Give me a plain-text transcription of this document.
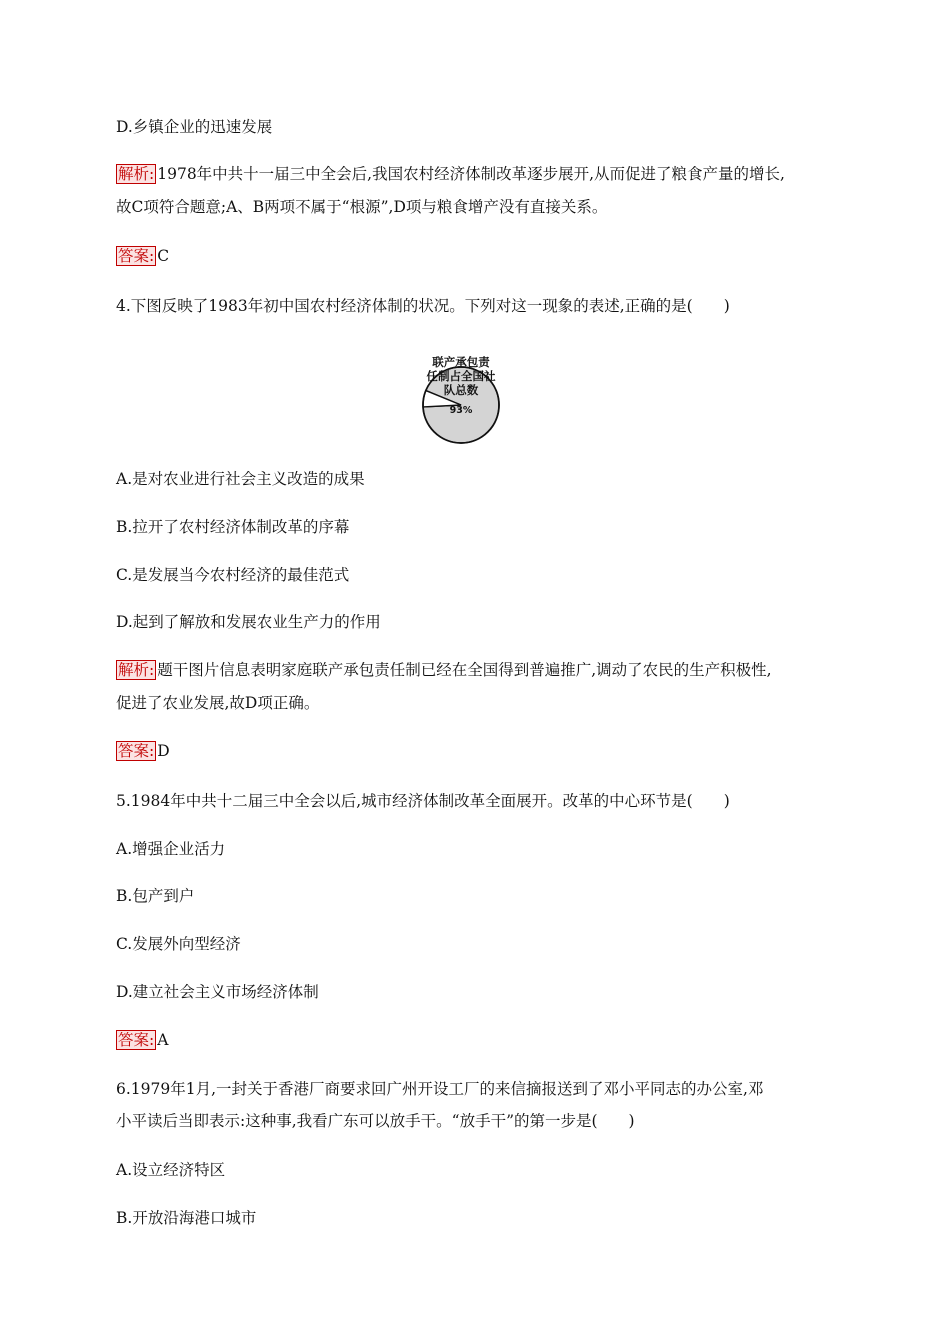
D.乡镇企业的迅速发展
解析: 1978年中共十一届三中全会后,我国农村经济体制改革逐步展开,从而促进了粮食产量的增长,
故C项符合题意;A、B两项不属于“根源”,D项与粮食增产没有直接关系。
答案: C
4.下图反映了1983年初中国农村经济体制的状况。下列对这一现象的表述,正确的是(　　)
联产承包责
任制占全国社
队总数
93%
A.是对农业进行社会主义改造的成果
B.拉开了农村经济体制改革的序幕
C.是发展当今农村经济的最佳范式
D.起到了解放和发展农业生产力的作用
解析: 题干图片信息表明家庭联产承包责任制已经在全国得到普遍推广,调动了农民的生产积极性,
促进了农业发展,故D项正确。
答案: D
5.1984年中共十二届三中全会以后,城市经济体制改革全面展开。改革的中心环节是(　　)
A.增强企业活力
B.包产到户
C.发展外向型经济
D.建立社会主义市场经济体制
答案: A
6.1979年1月,一封关于香港厂商要求回广州开设工厂的来信摘报送到了邓小平同志的办公室,邓
小平读后当即表示:这种事,我看广东可以放手干。“放手干”的第一步是(　　)
A.设立经济特区
B.开放沿海港口城市
